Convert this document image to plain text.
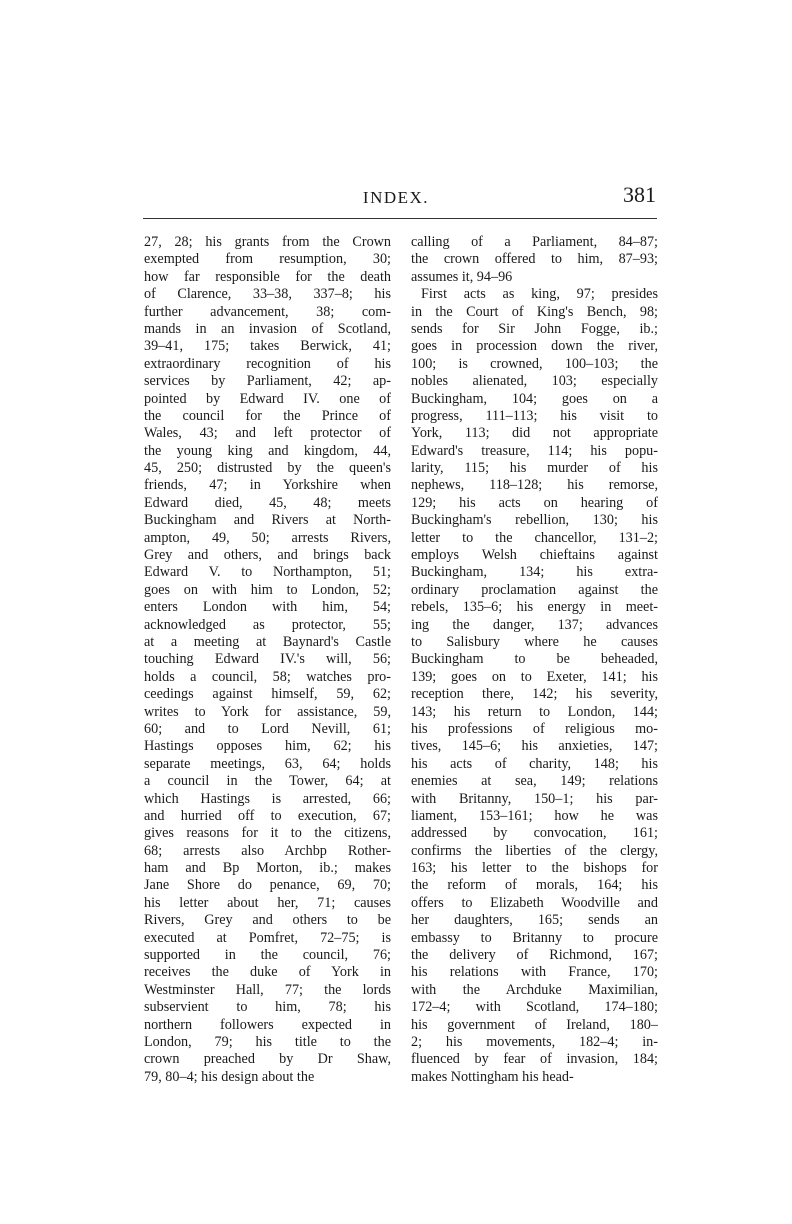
INDEX.	381
27, 28; his grants from the Crown
exempted from resumption, 30;
how far responsible for the death
of Clarence, 33–38, 337–8; his
further advancement, 38; com-
mands in an invasion of Scotland,
39–41, 175; takes Berwick, 41;
extraordinary recognition of his
services by Parliament, 42; ap-
pointed by Edward IV. one of
the council for the Prince of
Wales, 43; and left protector of
the young king and kingdom, 44,
45, 250; distrusted by the queen's
friends, 47; in Yorkshire when
Edward died, 45, 48; meets
Buckingham and Rivers at North-
ampton, 49, 50; arrests Rivers,
Grey and others, and brings back
Edward V. to Northampton, 51;
goes on with him to London, 52;
enters London with him, 54;
acknowledged as protector, 55;
at a meeting at Baynard's Castle
touching Edward IV.'s will, 56;
holds a council, 58; watches pro-
ceedings against himself, 59, 62;
writes to York for assistance, 59,
60; and to Lord Nevill, 61;
Hastings opposes him, 62; his
separate meetings, 63, 64; holds
a council in the Tower, 64; at
which Hastings is arrested, 66;
and hurried off to execution, 67;
gives reasons for it to the citizens,
68; arrests also Archbp Rother-
ham and Bp Morton, ib.; makes
Jane Shore do penance, 69, 70;
his letter about her, 71; causes
Rivers, Grey and others to be
executed at Pomfret, 72–75; is
supported in the council, 76;
receives the duke of York in
Westminster Hall, 77; the lords
subservient to him, 78; his
northern followers expected in
London, 79; his title to the
crown preached by Dr Shaw,
79, 80–4; his design about the
calling of a Parliament, 84–87;
the crown offered to him, 87–93;
assumes it, 94–96
First acts as king, 97; presides
in the Court of King's Bench, 98;
sends for Sir John Fogge, ib.;
goes in procession down the river,
100; is crowned, 100–103; the
nobles alienated, 103; especially
Buckingham, 104; goes on a
progress, 111–113; his visit to
York, 113; did not appropriate
Edward's treasure, 114; his popu-
larity, 115; his murder of his
nephews, 118–128; his remorse,
129; his acts on hearing of
Buckingham's rebellion, 130; his
letter to the chancellor, 131–2;
employs Welsh chieftains against
Buckingham, 134; his extra-
ordinary proclamation against the
rebels, 135–6; his energy in meet-
ing the danger, 137; advances
to Salisbury where he causes
Buckingham to be beheaded,
139; goes on to Exeter, 141; his
reception there, 142; his severity,
143; his return to London, 144;
his professions of religious mo-
tives, 145–6; his anxieties, 147;
his acts of charity, 148; his
enemies at sea, 149; relations
with Britanny, 150–1; his par-
liament, 153–161; how he was
addressed by convocation, 161;
confirms the liberties of the clergy,
163; his letter to the bishops for
the reform of morals, 164; his
offers to Elizabeth Woodville and
her daughters, 165; sends an
embassy to Britanny to procure
the delivery of Richmond, 167;
his relations with France, 170;
with the Archduke Maximilian,
172–4; with Scotland, 174–180;
his government of Ireland, 180–
2; his movements, 182–4; in-
fluenced by fear of invasion, 184;
makes Nottingham his head-
